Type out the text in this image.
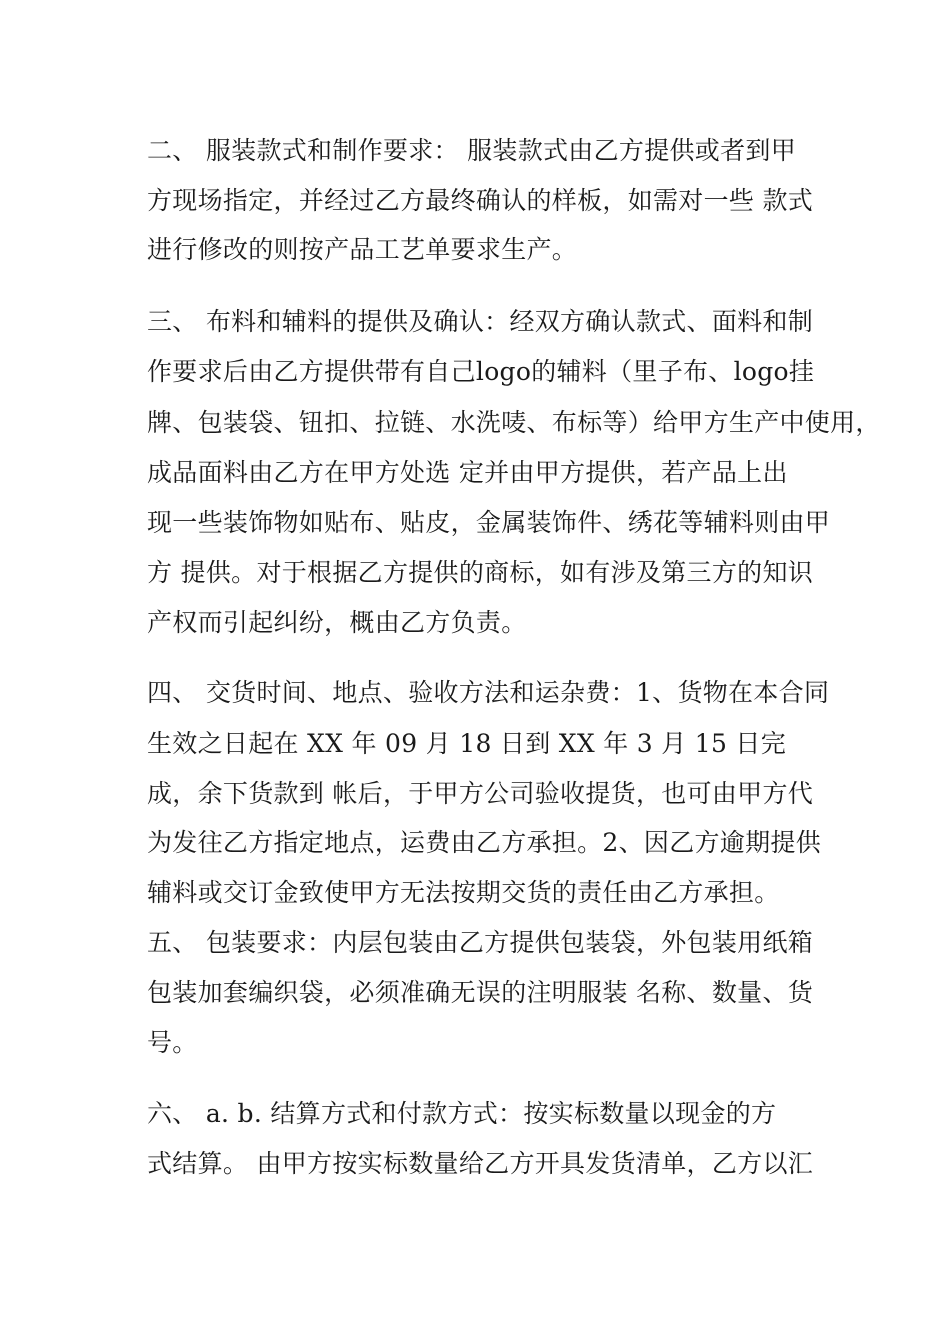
二、 服装款式和制作要求： 服装款式由乙方提供或者到甲

方现场指定，并经过乙方最终确认的样板，如需对一些 款式

进行修改的则按产品工艺单要求生产。

三、 布料和辅料的提供及确认：经双方确认款式、面料和制

作要求后由乙方提供带有自己logo的辅料（里子布、logo挂

牌、包装袋、钮扣、拉链、水洗唛、布标等）给甲方生产中使用，

成品面料由乙方在甲方处选 定并由甲方提供，若产品上出

现一些装饰物如贴布、贴皮，金属装饰件、绣花等辅料则由甲

方 提供。对于根据乙方提供的商标，如有涉及第三方的知识

产权而引起纠纷，概由乙方负责。

四、 交货时间、地点、验收方法和运杂费：1、货物在本合同

生效之日起在 XX 年 09 月 18 日到 XX 年 3 月 15 日完

成，余下货款到 帐后，于甲方公司验收提货，也可由甲方代

为发往乙方指定地点，运费由乙方承担。2、因乙方逾期提供

辅料或交订金致使甲方无法按期交货的责任由乙方承担。

五、 包装要求：内层包装由乙方提供包装袋，外包装用纸箱

包装加套编织袋，必须准确无误的注明服装 名称、数量、货

号。

六、 a. b. 结算方式和付款方式：按实标数量以现金的方

式结算。 由甲方按实标数量给乙方开具发货清单，乙方以汇
